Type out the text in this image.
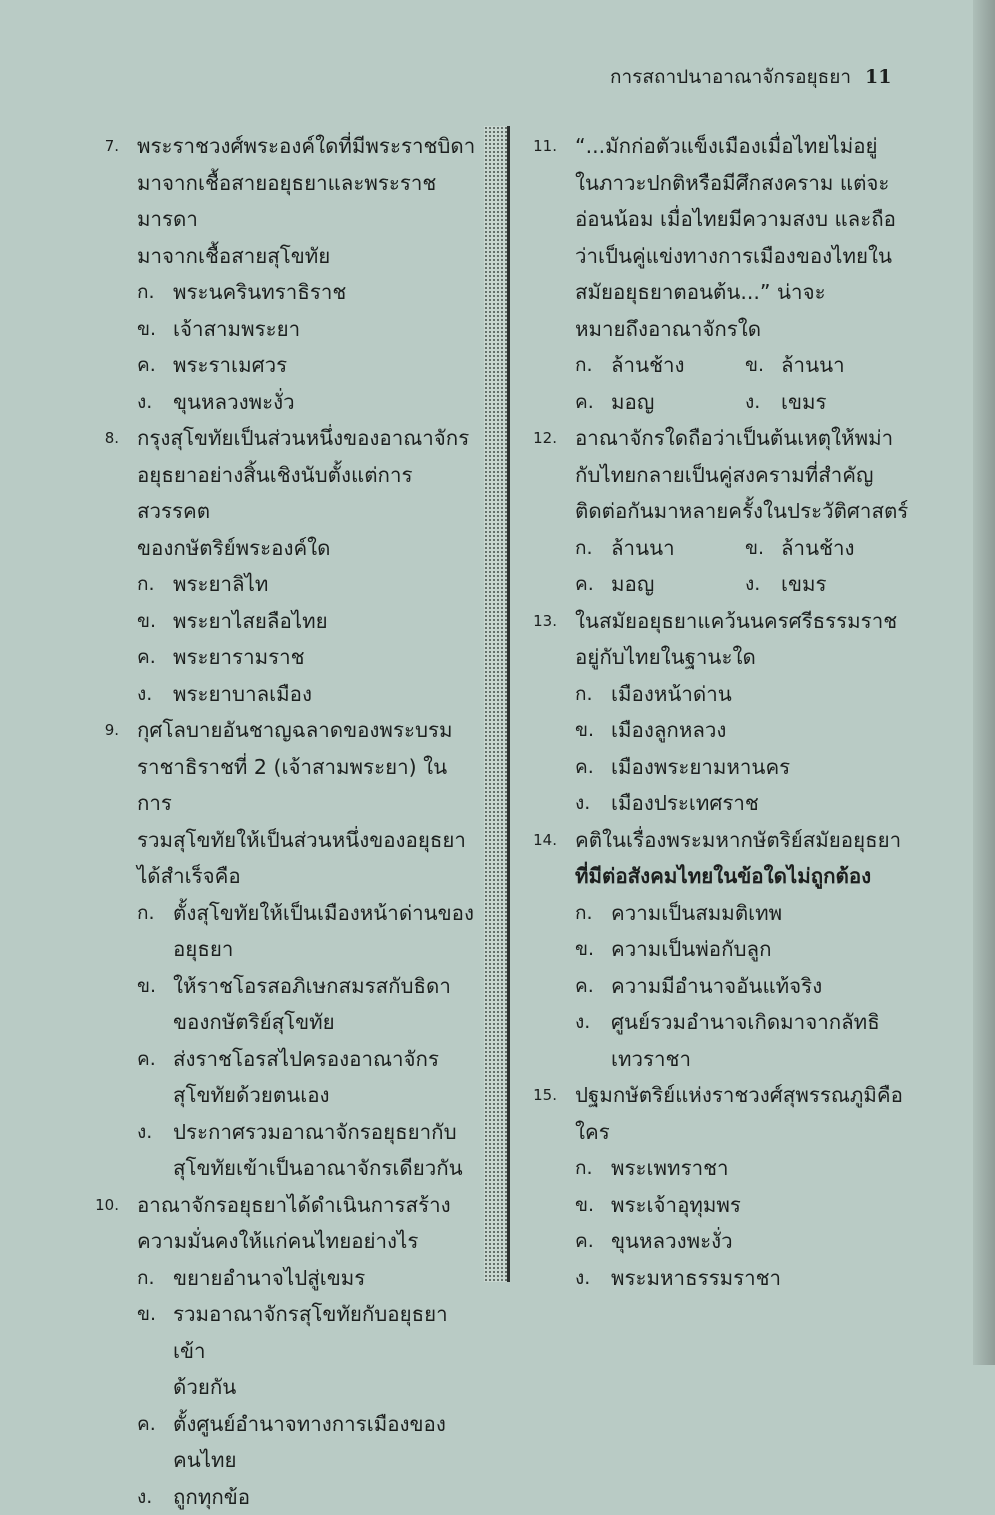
การสถาปนาอาณาจักรอยุธยา 11
7. พระราชวงศ์พระองค์ใดที่มีพระราชบิดา
มาจากเชื้อสายอยุธยาและพระราชมารดา
มาจากเชื้อสายสุโขทัย
ก. พระนครินทราธิราช
ข. เจ้าสามพระยา
ค. พระราเมศวร
ง.	ขุนหลวงพะงั่ว
8. กรุงสุโขทัยเป็นส่วนหนึ่งของอาณาจักร
อยุธยาอย่างสิ้นเชิงนับตั้งแต่การสวรรคต
ของกษัตริย์พระองค์ใด
ก. พระยาลิไท
ข. พระยาไสยลือไทย
ค. พระยารามราช
ง.	พระยาบาลเมือง
9. กุศโลบายอันชาญฉลาดของพระบรม
ราชาธิราชที่ 2 (เจ้าสามพระยา) ในการ
รวมสุโขทัยให้เป็นส่วนหนึ่งของอยุธยา
ได้สำเร็จคือ
ก. ตั้งสุโขทัยให้เป็นเมืองหน้าด่านของ
อยุธยา
ข. ให้ราชโอรสอภิเษกสมรสกับธิดา
ของกษัตริย์สุโขทัย
ค. ส่งราชโอรสไปครองอาณาจักร
สุโขทัยด้วยตนเอง
ง.	ประกาศรวมอาณาจักรอยุธยากับ
สุโขทัยเข้าเป็นอาณาจักรเดียวกัน
10. อาณาจักรอยุธยาได้ดำเนินการสร้าง
ความมั่นคงให้แก่คนไทยอย่างไร
ก. ขยายอำนาจไปสู่เขมร
ข. รวมอาณาจักรสุโขทัยกับอยุธยาเข้า
ด้วยกัน
ค. ตั้งศูนย์อำนาจทางการเมืองของ
คนไทย
ง.	ถูกทุกข้อ
11. “...มักก่อตัวแข็งเมืองเมื่อไทยไม่อยู่
ในภาวะปกติหรือมีศึกสงคราม แต่จะ
อ่อนน้อม เมื่อไทยมีความสงบ และถือ
ว่าเป็นคู่แข่งทางการเมืองของไทยใน
สมัยอยุธยาตอนต้น...” น่าจะ
หมายถึงอาณาจักรใด
ก. ล้านช้าง	ข. ล้านนา
ค. มอญ	ง.	เขมร
12. อาณาจักรใดถือว่าเป็นต้นเหตุให้พม่า
กับไทยกลายเป็นคู่สงครามที่สำคัญ
ติดต่อกันมาหลายครั้งในประวัติศาสตร์
ก. ล้านนา	ข. ล้านช้าง
ค. มอญ	ง.	เขมร
13. ในสมัยอยุธยาแคว้นนครศรีธรรมราช
อยู่กับไทยในฐานะใด
ก. เมืองหน้าด่าน
ข. เมืองลูกหลวง
ค. เมืองพระยามหานคร
ง.	เมืองประเทศราช
14. คติในเรื่องพระมหากษัตริย์สมัยอยุธยา
ที่มีต่อสังคมไทยในข้อใดไม่ถูกต้อง
ก. ความเป็นสมมติเทพ
ข. ความเป็นพ่อกับลูก
ค. ความมีอำนาจอันแท้จริง
ง.	ศูนย์รวมอำนาจเกิดมาจากลัทธิ
เทวราชา
15. ปฐมกษัตริย์แห่งราชวงศ์สุพรรณภูมิคือ
ใคร
ก. พระเพทราชา
ข. พระเจ้าอุทุมพร
ค. ขุนหลวงพะงั่ว
ง.	พระมหาธรรมราชา
